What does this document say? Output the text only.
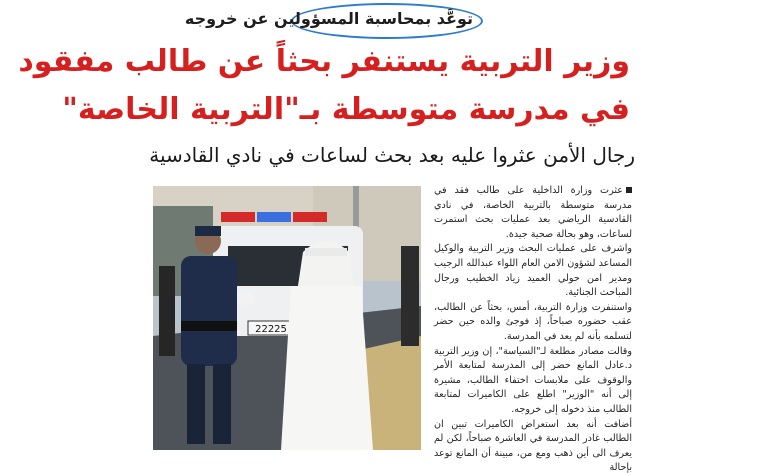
توعَّد بمحاسبة المسؤولين عن خروجه
وزير التربية يستنفر بحثاً عن طالب مفقود
في مدرسة متوسطة بـ"التربية الخاصة"
رجال الأمن عثروا عليه بعد بحث لساعات في نادي القادسية
22225

عثرت وزارة الداخلية على طالب فقد في مدرسة متوسطة بالتربية الخاصة، في نادي القادسية الرياضي بعد عمليات بحث استمرت لساعات، وهو بحالة صحية جيدة.

واشرف على عمليات البحث وزير التربية والوكيل المساعد لشؤون الامن العام اللواء عبدالله الرجيب ومدير امن حولي العميد زياد الخطيب ورجال المباحث الجنائية.

واستنفرت وزارة التربية، أمس، بحثاً عن الطالب، عقب حضوره صباحاً، إذ فوجئ والده حين حضر لتسلمه بأنه لم يعد في المدرسة.

وقالت مصادر مطلعة لـ"السياسة"، إن وزير التربية د.عادل المانع حضر إلى المدرسة لمتابعة الأمر والوقوف على ملابسات اختفاء الطالب، مشيرة إلى أنه "الوزير" اطلع على الكاميرات لمتابعة الطالب منذ دخوله إلى خروجه.

أضافت أنه بعد استعراض الكاميرات تبين ان الطالب غادر المدرسة في العاشرة صباحاً، لكن لم يعرف الى أين ذهب ومع من، مبينة أن المانع توعد بإحالة
